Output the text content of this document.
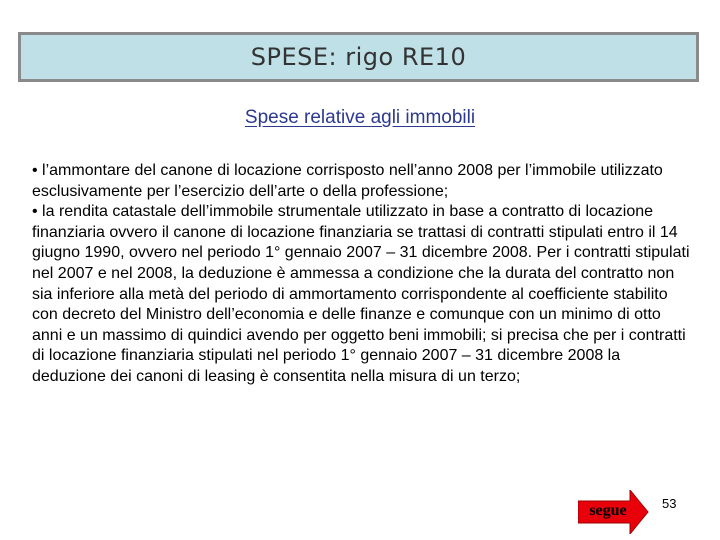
SPESE: rigo RE10
Spese relative agli immobili

• l’ammontare del canone di locazione corrisposto nell’anno 2008 per l’immobile utilizzato esclusivamente per l’esercizio dell’arte o della professione;

• la rendita catastale dell’immobile strumentale utilizzato in base a contratto di locazione finanziaria ovvero il canone di locazione finanziaria se trattasi di contratti stipulati entro il 14 giugno 1990, ovvero nel periodo 1° gennaio 2007 – 31 dicembre 2008. Per i contratti stipulati nel 2007 e nel 2008, la deduzione è ammessa a condizione che la durata del contratto non sia inferiore alla metà del periodo di ammortamento corrispondente al coefficiente stabilito con decreto del Ministro dell’economia e delle finanze e comunque con un minimo di otto anni e un massimo di quindici avendo per oggetto beni immobili; si precisa che per i contratti di locazione finanziaria stipulati nel periodo 1° gennaio 2007 – 31 dicembre 2008 la deduzione dei canoni di leasing è consentita nella misura di un terzo;

segue	53
